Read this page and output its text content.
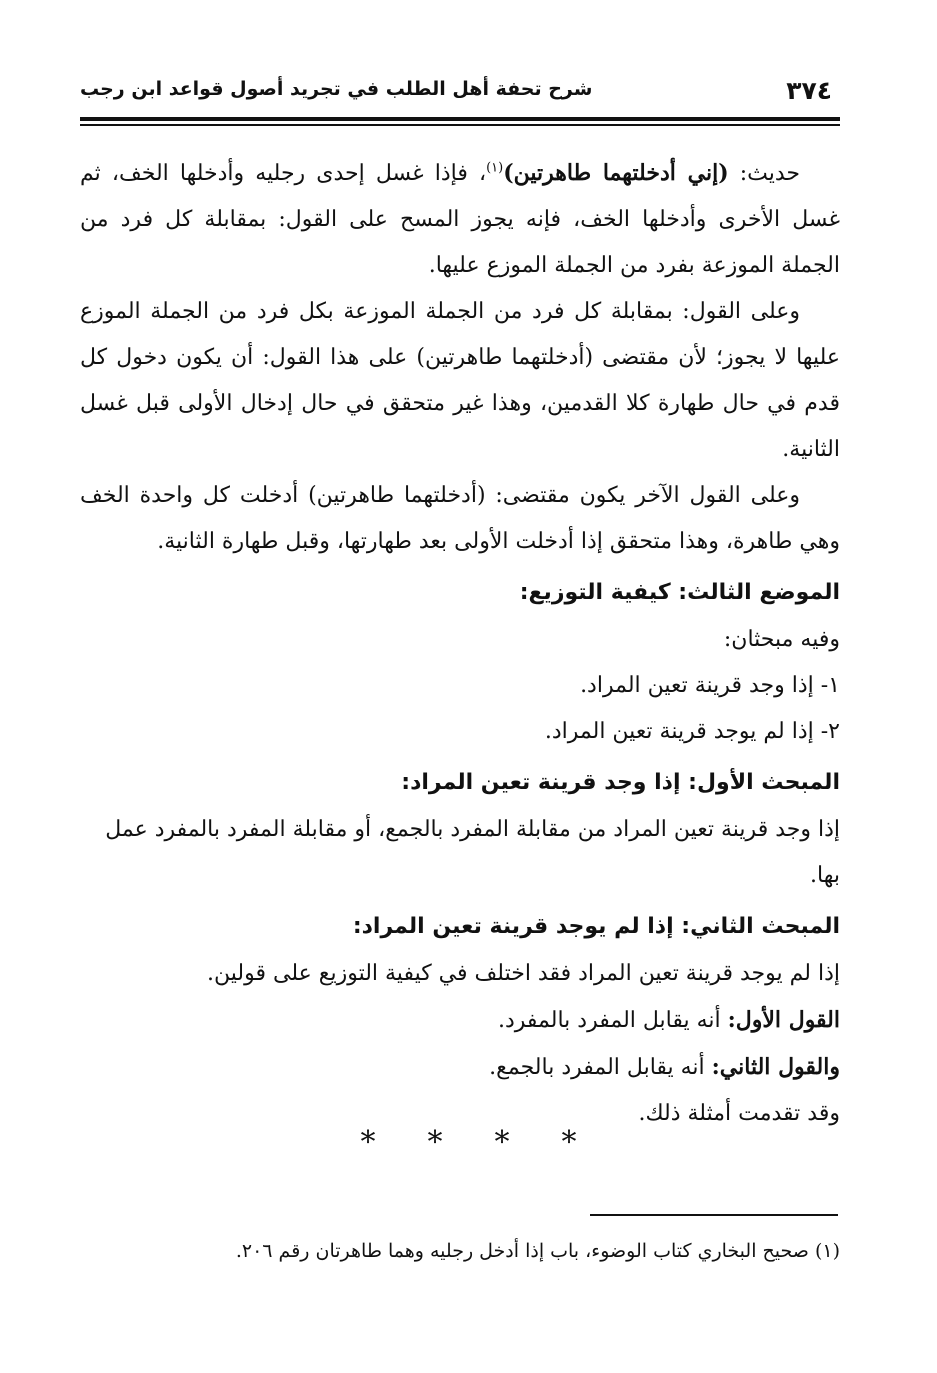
٣٧٤
شرح تحفة أهل الطلب في تجريد أصول قواعد ابن رجب

حديث: (إني أدخلتهما طاهرتين)$^{(١)}$، فإذا غسل إحدى رجليه وأدخلها الخف، ثم غسل الأخرى وأدخلها الخف، فإنه يجوز المسح على القول: بمقابلة كل فرد من الجملة الموزعة بفرد من الجملة الموزع عليها.

وعلى القول: بمقابلة كل فرد من الجملة الموزعة بكل فرد من الجملة الموزع عليها لا يجوز؛ لأن مقتضى (أدخلتهما طاهرتين) على هذا القول: أن يكون دخول كل قدم في حال طهارة كلا القدمين، وهذا غير متحقق في حال إدخال الأولى قبل غسل الثانية.

وعلى القول الآخر يكون مقتضى: (أدخلتهما طاهرتين) أدخلت كل واحدة الخف وهي طاهرة، وهذا متحقق إذا أدخلت الأولى بعد طهارتها، وقبل طهارة الثانية.

الموضع الثالث: كيفية التوزيع:

وفيه مبحثان:

١- إذا وجد قرينة تعين المراد.

٢- إذا لم يوجد قرينة تعين المراد.

المبحث الأول: إذا وجد قرينة تعين المراد:

إذا وجد قرينة تعين المراد من مقابلة المفرد بالجمع، أو مقابلة المفرد بالمفرد عمل بها.

المبحث الثاني: إذا لم يوجد قرينة تعين المراد:

إذا لم يوجد قرينة تعين المراد فقد اختلف في كيفية التوزيع على قولين.

القول الأول: أنه يقابل المفرد بالمفرد.

والقول الثاني: أنه يقابل المفرد بالجمع.

وقد تقدمت أمثلة ذلك.

****
(١) صحيح البخاري كتاب الوضوء، باب إذا أدخل رجليه وهما طاهرتان رقم ٢٠٦.
